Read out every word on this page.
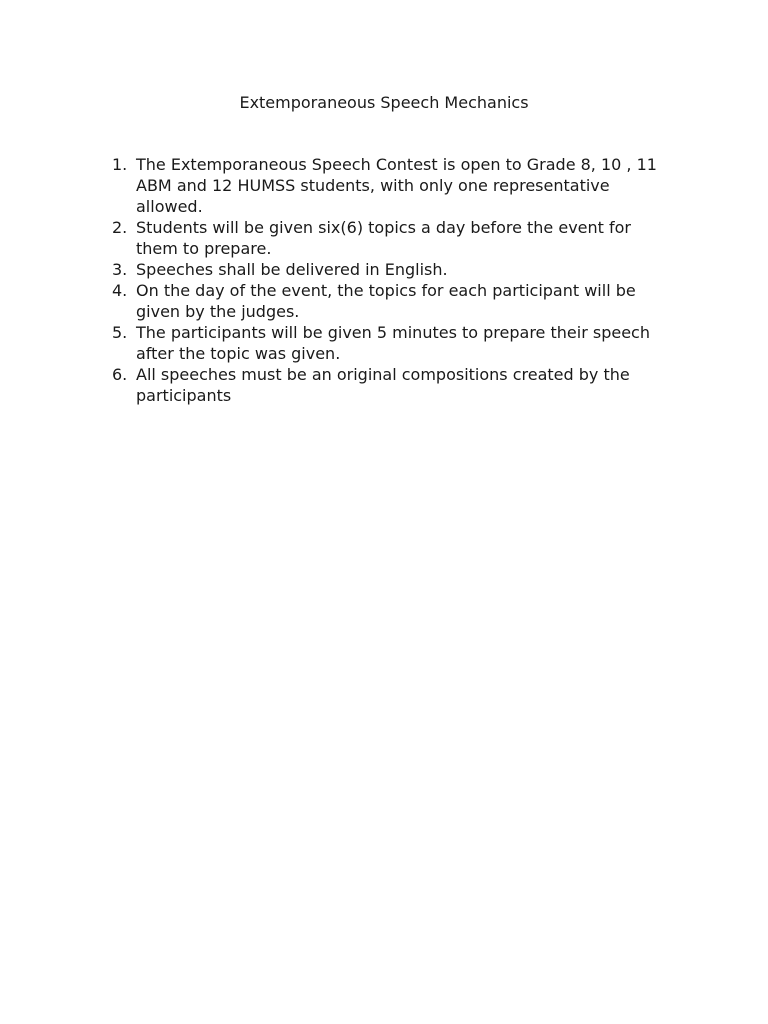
Extemporaneous Speech Mechanics
1. The Extemporaneous Speech Contest is open to Grade 8, 10 , 11 ABM and 12 HUMSS students, with only one representative allowed.
2. Students will be given six(6) topics a day before the event for them to prepare.
3. Speeches shall be delivered in English.
4. On the day of the event, the topics for each participant will be given by the judges.
5. The participants will be given 5 minutes to prepare their speech after the topic was given.
6. All speeches must be an original compositions created by the participants
